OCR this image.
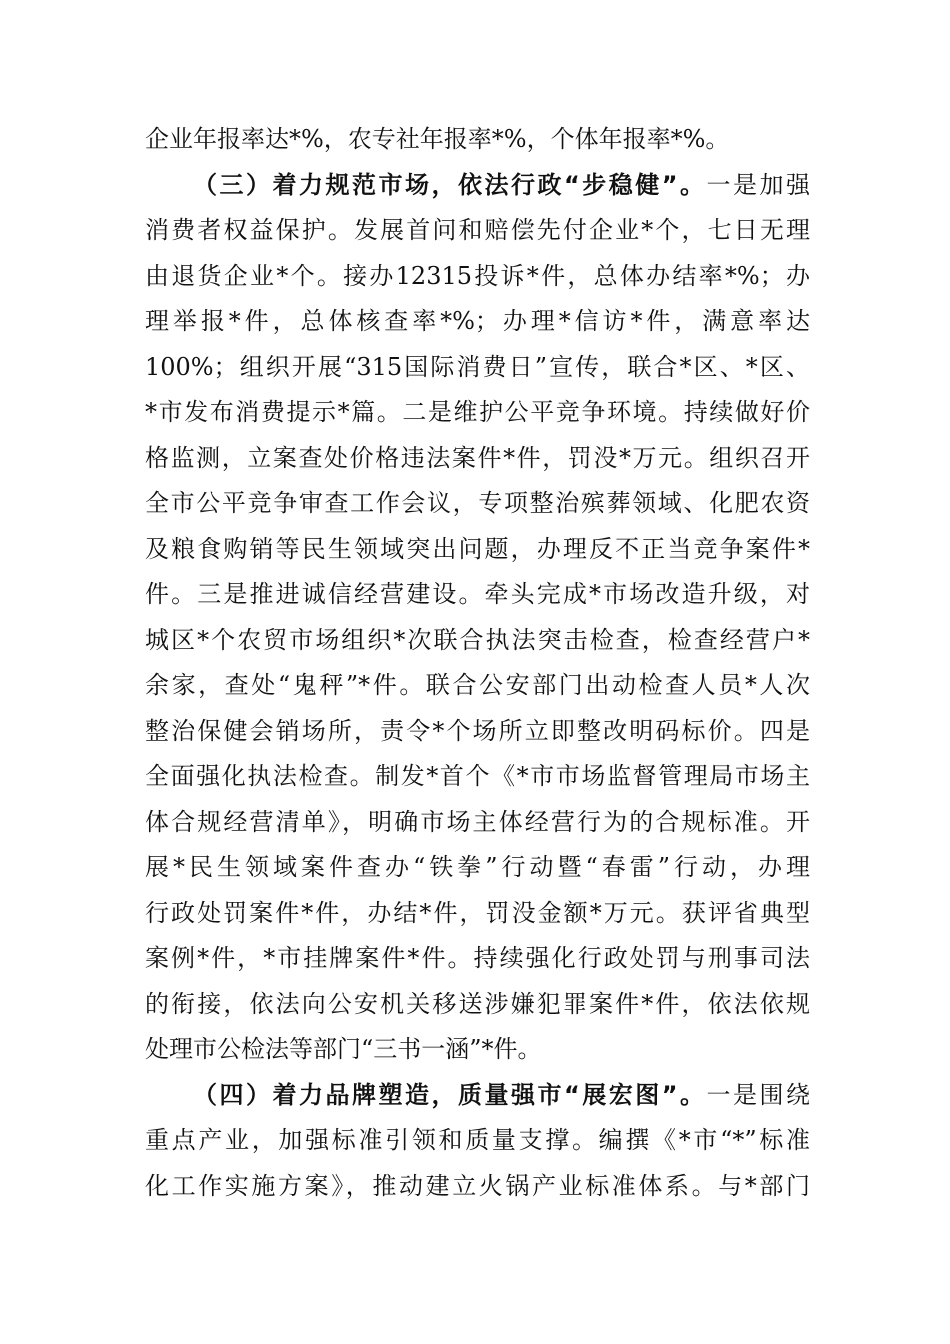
企业年报率达*%，农专社年报率*%，个体年报率*%。
（三）着力规范市场，依法行政“步稳健”。一是加强
消费者权益保护。发展首问和赔偿先付企业*个，七日无理
由退货企业*个。接办12315投诉*件，总体办结率*%；办
理举报*件，总体核查率*%；办理*信访*件，满意率达
100%；组织开展“315国际消费日”宣传，联合*区、*区、
*市发布消费提示*篇。二是维护公平竞争环境。持续做好价
格监测，立案查处价格违法案件*件，罚没*万元。组织召开
全市公平竞争审查工作会议，专项整治殡葬领域、化肥农资
及粮食购销等民生领域突出问题，办理反不正当竞争案件*
件。三是推进诚信经营建设。牵头完成*市场改造升级，对
城区*个农贸市场组织*次联合执法突击检查，检查经营户*
余家，查处“鬼秤”*件。联合公安部门出动检查人员*人次
整治保健会销场所，责令*个场所立即整改明码标价。四是
全面强化执法检查。制发*首个《*市市场监督管理局市场主
体合规经营清单》，明确市场主体经营行为的合规标准。开
展*民生领域案件查办“铁拳”行动暨“春雷”行动，办理
行政处罚案件*件，办结*件，罚没金额*万元。获评省典型
案例*件，*市挂牌案件*件。持续强化行政处罚与刑事司法
的衔接，依法向公安机关移送涉嫌犯罪案件*件，依法依规
处理市公检法等部门“三书一涵”*件。
（四）着力品牌塑造，质量强市“展宏图”。一是围绕
重点产业，加强标准引领和质量支撑。编撰《*市“*”标准
化工作实施方案》，推动建立火锅产业标准体系。与*部门
